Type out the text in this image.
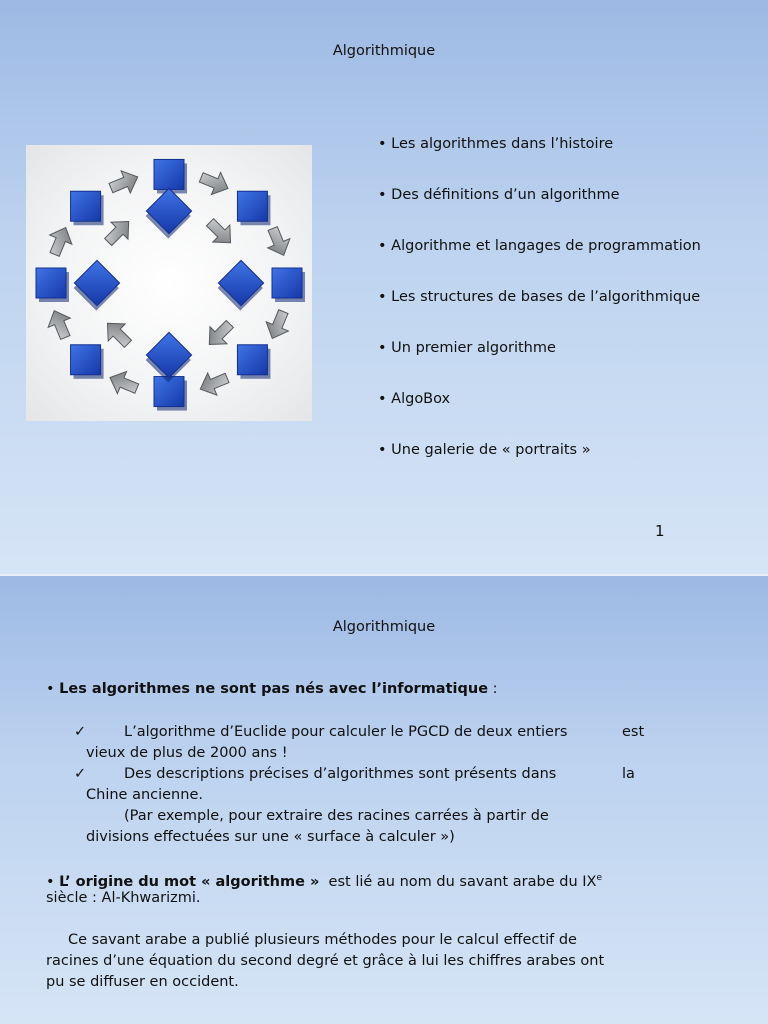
Algorithmique
• Les algorithmes dans l’histoire
• Des définitions d’un algorithme
• Algorithme et langages de programmation
• Les structures de bases de l’algorithmique
• Un premier algorithme
• AlgoBox
• Une galerie de « portraits »
1
Algorithmique
• Les algorithmes ne sont pas nés avec l’informatique :
✓	L’algorithme d’Euclide pour calculer le PGCD de deux entiers	est
vieux de plus de 2000 ans !
✓	Des descriptions précises d’algorithmes sont présents dans	la
Chine ancienne.
(Par exemple, pour extraire des racines carrées à partir de
divisions effectuées sur une « surface à calculer »)
• L’ origine du mot « algorithme » est lié au nom du savant arabe du IXe
siècle : Al-Khwarizmi.
Ce savant arabe a publié plusieurs méthodes pour le calcul effectif de
racines d’une équation du second degré et grâce à lui les chiffres arabes ont
pu se diffuser en occident.
